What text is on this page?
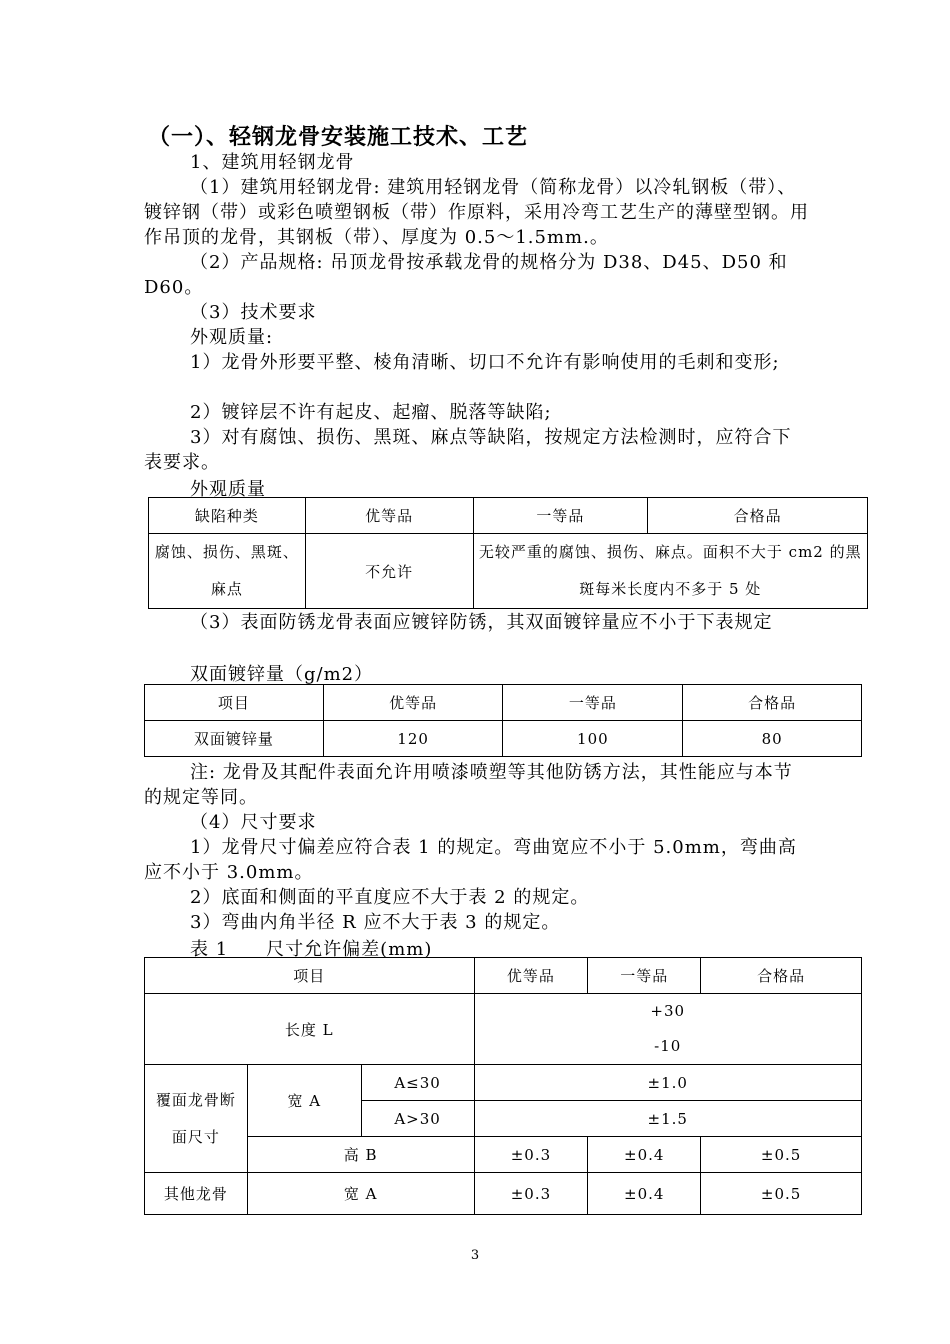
（一）、轻钢龙骨安装施工技术、工艺
1、建筑用轻钢龙骨
（1）建筑用轻钢龙骨: 建筑用轻钢龙骨（简称龙骨）以冷轧钢板（带）、镀锌钢（带）或彩色喷塑钢板（带）作原料，采用冷弯工艺生产的薄壁型钢。用作吊顶的龙骨，其钢板（带）、厚度为 0.5～1.5mm.。
（2）产品规格: 吊顶龙骨按承载龙骨的规格分为 D38、D45、D50 和 D60。
（3）技术要求
外观质量:
1）龙骨外形要平整、棱角清晰、切口不允许有影响使用的毛刺和变形;
2）镀锌层不许有起皮、起瘤、脱落等缺陷;
3）对有腐蚀、损伤、黑斑、麻点等缺陷，按规定方法检测时，应符合下表要求。
外观质量
缺陷种类	优等品	一等品	合格品
腐蚀、损伤、黑斑、麻点	不允许	无较严重的腐蚀、损伤、麻点。面积不大于 cm2 的黑斑每米长度内不多于 5 处	
（3）表面防锈龙骨表面应镀锌防锈，其双面镀锌量应不小于下表规定
双面镀锌量（g/m2）
项目	优等品	一等品	合格品
双面镀锌量	120	100	80
注: 龙骨及其配件表面允许用喷漆喷塑等其他防锈方法，其性能应与本节的规定等同。
（4）尺寸要求
1）龙骨尺寸偏差应符合表 1 的规定。弯曲宽应不小于 5.0mm，弯曲高应不小于 3.0mm。
2）底面和侧面的平直度应不大于表 2 的规定。
3）弯曲内角半径 R 应不大于表 3 的规定。
表 1　　尺寸允许偏差(mm)
项目			优等品	一等品	合格品
长度 L			+30
-10		

覆面龙骨断面尺寸	宽 A	A≤30	±1.0		
		A>30	±1.5		
	高 B		±0.3	±0.4	±0.5
其他龙骨	宽 A		±0.3	±0.4	±0.5
3
